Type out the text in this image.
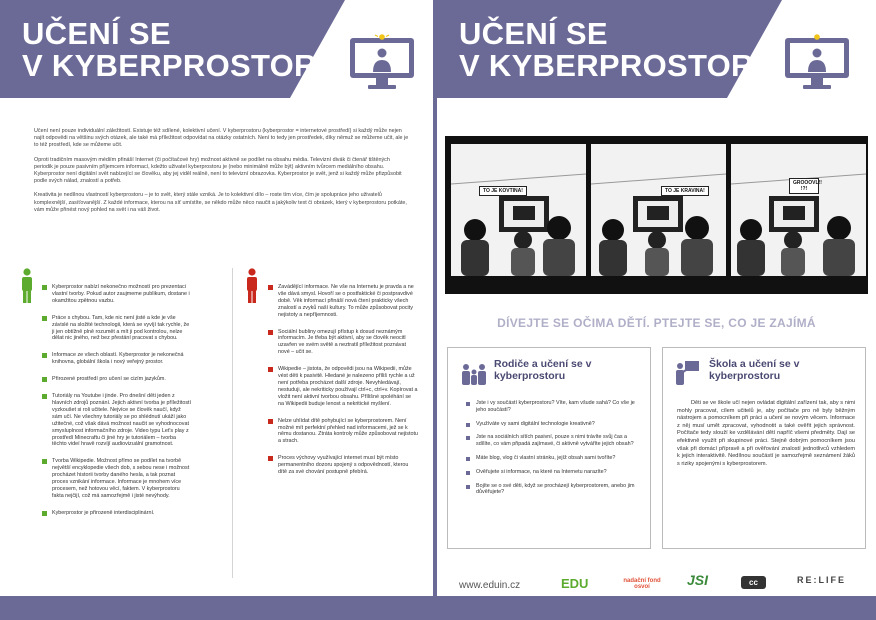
UČENÍ SE
V KYBERPROSTORU

Učení není pouze individuální záležitostí. Existuje též sdílené, kolektivní učení. V kyberprostoru (kyberprostor = internetové prostředí) si každý může nejen najít odpovědi na většinu svých otázek, ale také má příležitost odpovídat na otázky ostatních. Není to tedy jen prostředek, díky němuž se můžeme učit, ale je to též prostředí, kde se můžeme učit.

Oproti tradičním masovým médiím přináší Internet (či počítačové hry) možnost aktivně se podílet na obsahu média. Televizní divák či čtenář tištěných periodik je pouze pasivním příjemcem informací, kdežto uživatel kyberprostoru je (nebo minimálně může být) aktivním tvůrcem mediálního obsahu. Kyberprostor není digitální svět nabízející se člověku, aby jej viděl reálně, není to televizní obrazovka. Kyberprostor je svět, jenž si každý může přizpůsobit podle svých nálad, znalostí a potřeb.

Kreativita je nedílnou vlastností kyberprostoru – je to svět, který stále vzniká. Je to kolektivní dílo – roste tím více, čím je spolupráce jeho uživatelů komplexnější, zasíťovanější. Z každé informace, kterou na síť umístíte, se někdo může něco naučit a jakýkoliv text či obrázek, který v kyberprostoru potkáte, vám může přinést nový pohled na svět i na váš život.

Kyberprostor nabízí nekonečno možností pro prezentaci vlastní tvorby. Pokud autor zaujmeme publikum, dostane i okamžitou zpětnou vazbu.
Práce s chybou. Tam, kde nic není jisté a kde je vše závislé na složité technologii, která se vyvíjí tak rychle, že ji jen obtížně plně rozumět a mít ji pod kontrolou, nelze dělat nic jiného, než bez přestání pracovat s chybou.
Informace ze všech oblastí. Kyberprostor je nekonečná knihovna, globální škola i nový veřejný prostor.
Přirozené prostředí pro učení se cizím jazykům.
Tutoriály na Youtube i jinde. Pro dnešní děti jeden z hlavních zdrojů poznání. Jejich aktivní tvorba je příležitostí vyzkoušet si roli učitele. Nejvíce se člověk naučí, když sám učí. Ne všechny tutoriály se po shlédnutí ukáží jako užitečné, což však dává možnost naučit se vyhodnocovat smysluplnost informačního zdroje. Video typu Let's play z prostředí Minecraftu či jiné hry je tutoriálem – tvorba těchto videí hravě rozvíjí audiovizuální gramotnost.
Tvorba Wikipedie. Možnost přímo se podílet na tvorbě největší encyklopedie všech dob, s sebou nese i možnost procházet historii tvorby daného hesla, a tak poznat proces vznikání informace. Informace je mnohem více procesem, než hotovou věcí, faktem. V kyberprostoru fakta nejčijí, což má samozřejmě i jisté nevýhody.
Kyberprostor je přirozeně interdisciplinární.
Zavádějící informace. Ne vše na Internetu je pravda a ne vše dává smysl. Hovoří se o postfaktické či postpravdivé době. Věk informací přináší nová čtení prakticky všech znalostí a zvyků naší kultury. To může způsobovat pocity nejistoty a nepříjemnosti.
Sociální bubliny omezují přístup k dosud neznámým informacím. Je třeba být aktivní, aby se člověk neocitl uzavřen ve svém světě a neztratil příležitost poznávat nové – učit se.
Wikipedie – jistota, že odpovědi jsou na Wikipedii, může vést děti k pasivitě. Hledané je nalezeno příliš rychle a už není potřeba procházet další zdroje. Nevyhledávají, nestuduji, ale nekriticky používají ctrl+c, ctrl+v. Kopírovat a vložit není aktivní tvorbou obsahu. Přílišné spoléhání se na Wikipedii buduje lenost a nekritické myšlení.
Nelze uhlídat dítě pohybující se kyberprostorem. Není možné mít perfektní přehled nad informacemi, jež se k němu dostanou. Ztráta kontroly může způsobovat nejistotu a strach.
Proces výchovy využívající internet musí být místo permanentního dozoru spojený s odpovědností, kterou dítě za své chování postupně přebírá.
UČENÍ SE
V KYBERPROSTORU
TO JE KOVTINA!	TO JE KRAVINA!
GROOOVL!! !?!
DÍVEJTE SE OČIMA DĚTÍ. PTEJTE SE, CO JE ZAJÍMÁ
Rodiče a učení se v kyberprostoru
Jste i vy součástí kyberprostoru? Víte, kam všude sahá? Co vše je jeho součástí?
Využíváte vy sami digitální technologie kreativně?
Jste na sociálních sítích pasivní, pouze s nimi trávíte svůj čas a sdílíte, co vám připadá zajímavé, či aktivně vytváříte jejich obsah?
Máte blog, vlog či vlastní stránku, jejíž obsah sami tvoříte?
Ověřujete si informace, na které na Internetu narazíte?
Bojíte se o své děti, když se procházejí kyberprostorem, anebo jim důvěřujete?
Škola a učení se v kyberprostoru
Děti se ve škole učí nejen ovládat digitální zařízení tak, aby s nimi mohly pracovat, cílem učitelů je, aby počítače pro ně byly běžným nástrojem a pomocníkem při práci a učení se novým věcem. Informace z něj musí umět zpracovat, vyhodnotit a také ověřit jejich správnost. Počítače tedy slouží ke vzdělávání dětí napříč všemi předměty. Dají se efektivně využít při skupinové práci. Stejně dobrým pomocníkem jsou však při domácí přípravě a při ověřování znalostí jednotlivců vzhledem k jejich interaktivitě. Nedílnou součástí je samozřejmě seznámení žáků s riziky spojenými s kyberprostorem.
www.eduin.cz	EDU	nadační fond osvoí	JSI	cc	RE:LIFE
